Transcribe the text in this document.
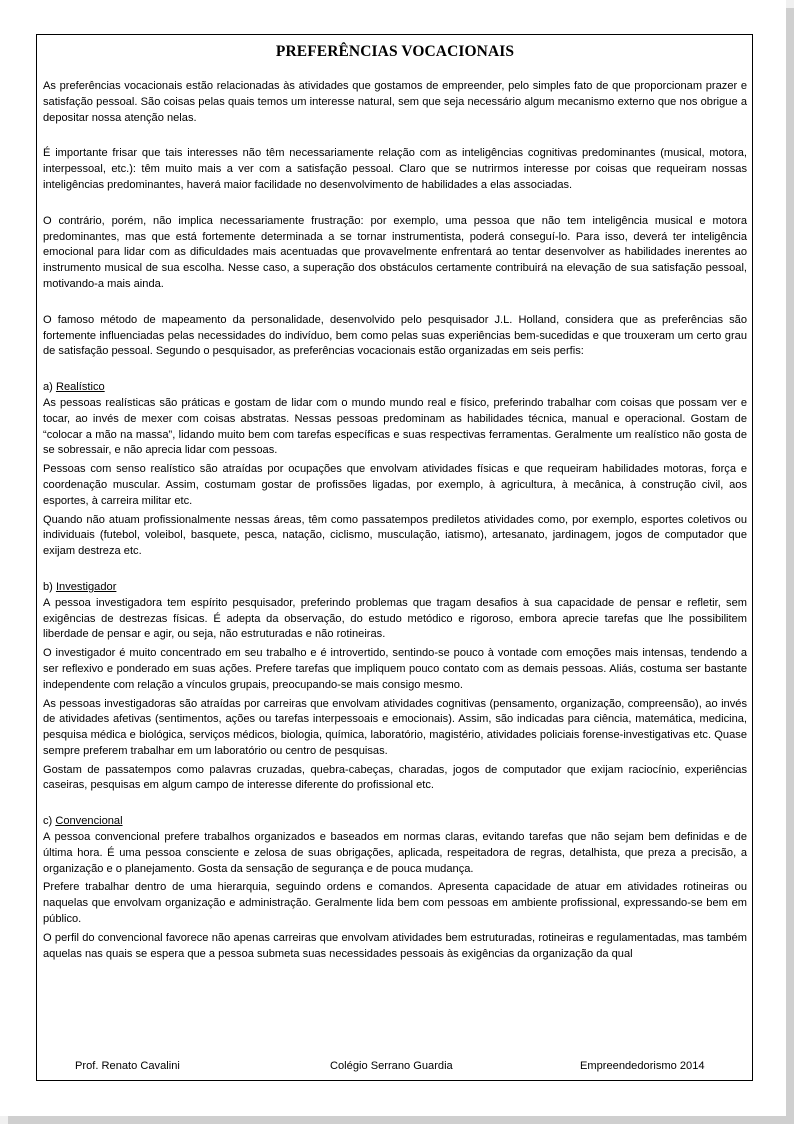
PREFERÊNCIAS VOCACIONAIS

As preferências vocacionais estão relacionadas às atividades que gostamos de empreender, pelo simples fato de que proporcionam prazer e satisfação pessoal. São coisas pelas quais temos um interesse natural, sem que seja necessário algum mecanismo externo que nos obrigue a depositar nossa atenção nelas.

É importante frisar que tais interesses não têm necessariamente relação com as inteligências cognitivas predominantes (musical, motora, interpessoal, etc.): têm muito mais a ver com a satisfação pessoal. Claro que se nutrirmos interesse por coisas que requeiram nossas inteligências predominantes, haverá maior facilidade no desenvolvimento de habilidades a elas associadas.

O contrário, porém, não implica necessariamente frustração: por exemplo, uma pessoa que não tem inteligência musical e motora predominantes, mas que está fortemente determinada a se tornar instrumentista, poderá conseguí-lo. Para isso, deverá ter inteligência emocional para lidar com as dificuldades mais acentuadas que provavelmente enfrentará ao tentar desenvolver as habilidades inerentes ao instrumento musical de sua escolha. Nesse caso, a superação dos obstáculos certamente contribuirá na elevação de sua satisfação pessoal, motivando-a mais ainda.

O famoso método de mapeamento da personalidade, desenvolvido pelo pesquisador J.L. Holland, considera que as preferências são fortemente influenciadas pelas necessidades do indivíduo, bem como pelas suas experiências bem-sucedidas e que trouxeram um certo grau de satisfação pessoal. Segundo o pesquisador, as preferências vocacionais estão organizadas em seis perfis:

a) Realístico

As pessoas realísticas são práticas e gostam de lidar com o mundo mundo real e físico, preferindo trabalhar com coisas que possam ver e tocar, ao invés de mexer com coisas abstratas. Nessas pessoas predominam as habilidades técnica, manual e operacional. Gostam de “colocar a mão na massa”, lidando muito bem com tarefas específicas e suas respectivas ferramentas. Geralmente um realístico não gosta de se sobressair, e não aprecia lidar com pessoas.

Pessoas com senso realístico são atraídas por ocupações que envolvam atividades físicas e que requeiram habilidades motoras, força e coordenação muscular. Assim, costumam gostar de profissões ligadas, por exemplo, à agricultura, à mecânica, à construção civil, aos esportes, à carreira militar etc.

Quando não atuam profissionalmente nessas áreas, têm como passatempos prediletos atividades como, por exemplo, esportes coletivos ou individuais (futebol, voleibol, basquete, pesca, natação, ciclismo, musculação, iatismo), artesanato, jardinagem, jogos de computador que exijam destreza etc.

b) Investigador

A pessoa investigadora tem espírito pesquisador, preferindo problemas que tragam desafios à sua capacidade de pensar e refletir, sem exigências de destrezas físicas. É adepta da observação, do estudo metódico e rigoroso, embora aprecie tarefas que lhe possibilitem liberdade de pensar e agir, ou seja, não estruturadas e não rotineiras.

O investigador é muito concentrado em seu trabalho e é introvertido, sentindo-se pouco à vontade com emoções mais intensas, tendendo a ser reflexivo e ponderado em suas ações. Prefere tarefas que impliquem pouco contato com as demais pessoas. Aliás, costuma ser bastante independente com relação a vínculos grupais, preocupando-se mais consigo mesmo.

As pessoas investigadoras são atraídas por carreiras que envolvam atividades cognitivas (pensamento, organização, compreensão), ao invés de atividades afetivas (sentimentos, ações ou tarefas interpessoais e emocionais). Assim, são indicadas para ciência, matemática, medicina, pesquisa médica e biológica, serviços médicos, biologia, química, laboratório, magistério, atividades policiais forense-investigativas etc. Quase sempre preferem trabalhar em um laboratório ou centro de pesquisas.

Gostam de passatempos como palavras cruzadas, quebra-cabeças, charadas, jogos de computador que exijam raciocínio, experiências caseiras, pesquisas em algum campo de interesse diferente do profissional etc.

c) Convencional

A pessoa convencional prefere trabalhos organizados e baseados em normas claras, evitando tarefas que não sejam bem definidas e de última hora. É uma pessoa consciente e zelosa de suas obrigações, aplicada, respeitadora de regras, detalhista, que preza a precisão, a organização e o planejamento. Gosta da sensação de segurança e de pouca mudança.

Prefere trabalhar dentro de uma hierarquia, seguindo ordens e comandos. Apresenta capacidade de atuar em atividades rotineiras ou naquelas que envolvam organização e administração. Geralmente lida bem com pessoas em ambiente profissional, expressando-se bem em público.

O perfil do convencional favorece não apenas carreiras que envolvam atividades bem estruturadas, rotineiras e regulamentadas, mas também aquelas nas quais se espera que a pessoa submeta suas necessidades pessoais às exigências da organização da qual

Prof. Renato Cavalini	Colégio Serrano Guardia	Empreendedorismo 2014
